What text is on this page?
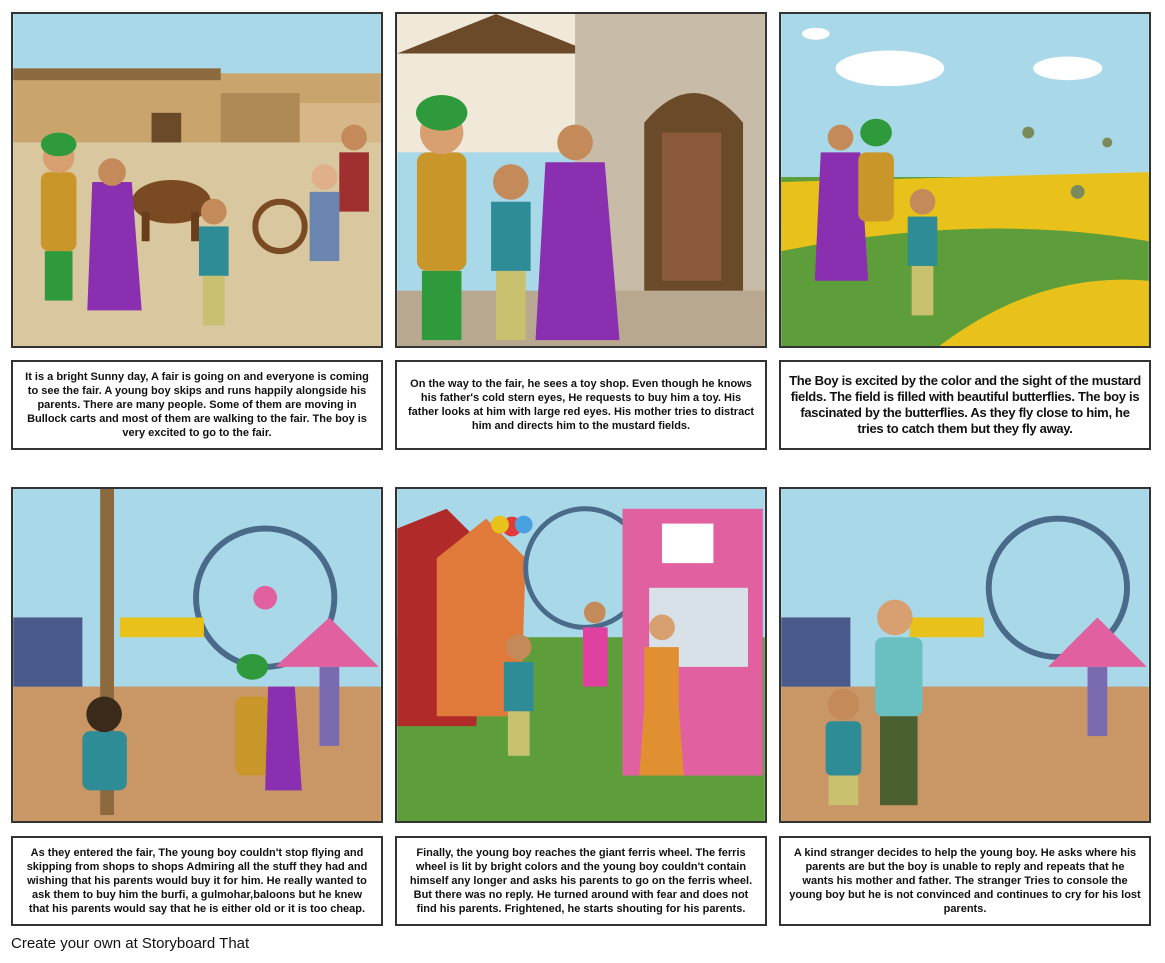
It is a bright Sunny day, A fair is going on and everyone is coming to see the fair. A young boy skips and runs happily alongside his parents. There are many people. Some of them are moving in Bullock carts and most of them are walking to the fair. The boy is very excited to go to the fair.
On the way to the fair, he sees a toy shop. Even though he knows his father's cold stern eyes, He requests to buy him a toy. His father looks at him with large red eyes. His mother tries to distract him and directs him to the mustard fields.
The Boy is excited by the color and the sight of the mustard fields. The field is filled with beautiful butterflies. The boy is fascinated by the butterflies. As they fly close to him, he tries to catch them but they fly away.
As they entered the fair, The young boy couldn't stop flying and skipping from shops to shops Admiring all the stuff they had and wishing that his parents would buy it for him. He really wanted to ask them to buy him the burfi, a gulmohar,baloons but he knew that his parents would say that he is either old or it is too cheap.
Finally, the young boy reaches the giant ferris wheel. The ferris wheel is lit by bright colors and the young boy couldn't contain himself any longer and asks his parents to go on the ferris wheel. But there was no reply. He turned around with fear and does not find his parents. Frightened, he starts shouting for his parents.
A kind stranger decides to help the young boy. He asks where his parents are but the boy is unable to reply and repeats that he wants his mother and father. The stranger Tries to console the young boy but he is not convinced and continues to cry for his lost parents.
Create your own at Storyboard That
